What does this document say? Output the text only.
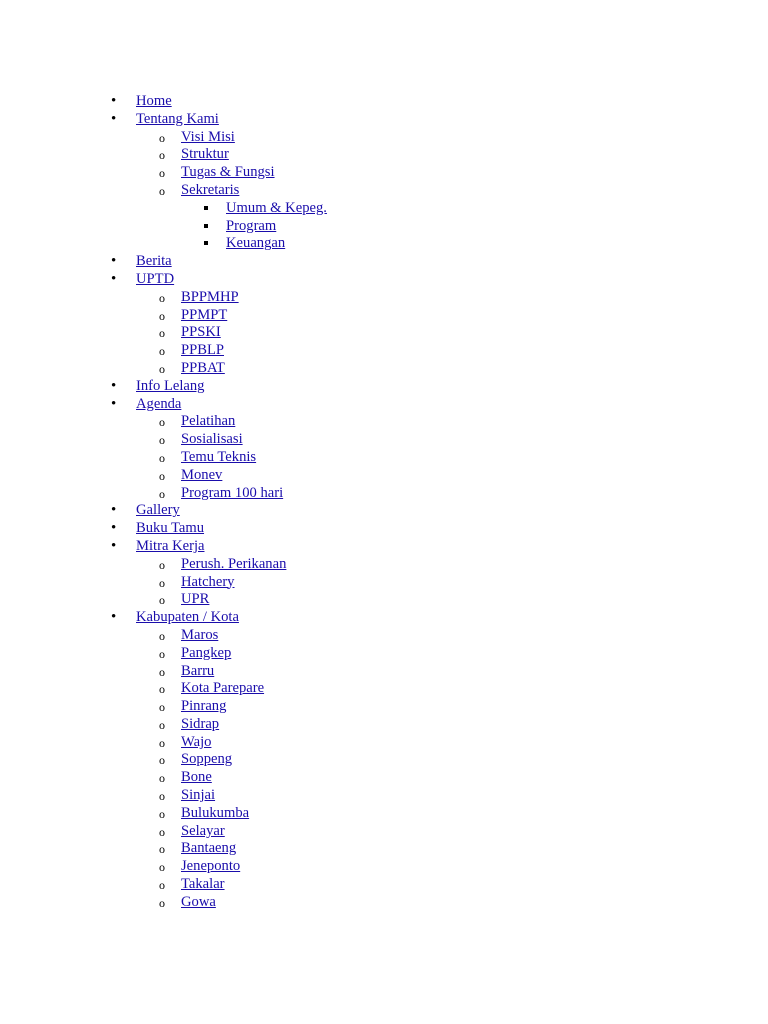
• Home
• Tentang Kami
o Visi Misi
o Struktur
o Tugas & Fungsi
o Sekretaris
Umum & Kepeg.
Program
Keuangan
• Berita
• UPTD
o BPPMHP
o PPMPT
o PPSKI
o PPBLP
o PPBAT
• Info Lelang
• Agenda
o Pelatihan
o Sosialisasi
o Temu Teknis
o Monev
o Program 100 hari
• Gallery
• Buku Tamu
• Mitra Kerja
o Perush. Perikanan
o Hatchery
o UPR
• Kabupaten / Kota
o Maros
o Pangkep
o Barru
o Kota Parepare
o Pinrang
o Sidrap
o Wajo
o Soppeng
o Bone
o Sinjai
o Bulukumba
o Selayar
o Bantaeng
o Jeneponto
o Takalar
o Gowa
